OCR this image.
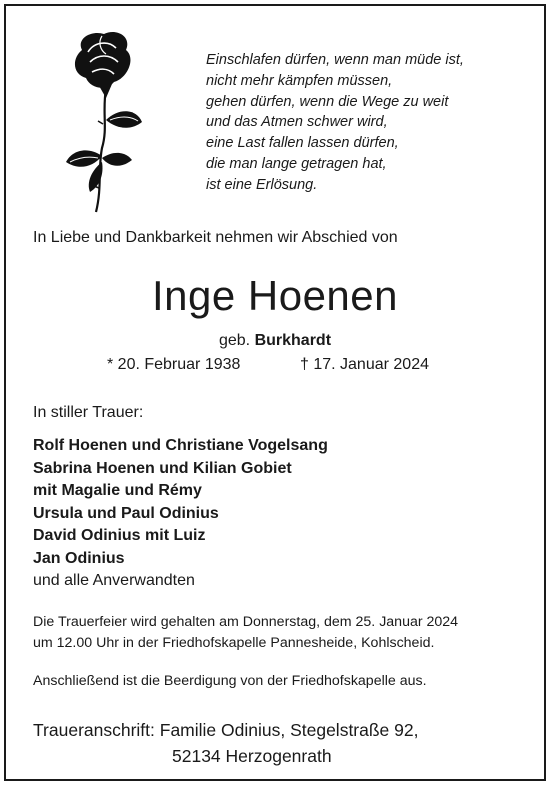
Einschlafen dürfen, wenn man müde ist,
nicht mehr kämpfen müssen,
gehen dürfen, wenn die Wege zu weit
und das Atmen schwer wird,
eine Last fallen lassen dürfen,
die man lange getragen hat,
ist eine Erlösung.
In Liebe und Dankbarkeit nehmen wir Abschied von
Inge Hoenen
geb. Burkhardt
* 20. Februar 1938	† 17. Januar 2024
In stiller Trauer:
Rolf Hoenen und Christiane Vogelsang
Sabrina Hoenen und Kilian Gobiet
mit Magalie und Rémy
Ursula und Paul Odinius
David Odinius mit Luiz
Jan Odinius
und alle Anverwandten
Die Trauerfeier wird gehalten am Donnerstag, dem 25. Januar 2024
um 12.00 Uhr in der Friedhofskapelle Pannesheide, Kohlscheid.
Anschließend ist die Beerdigung von der Friedhofskapelle aus.
Traueranschrift: Familie Odinius, Stegelstraße 92,
52134 Herzogenrath
